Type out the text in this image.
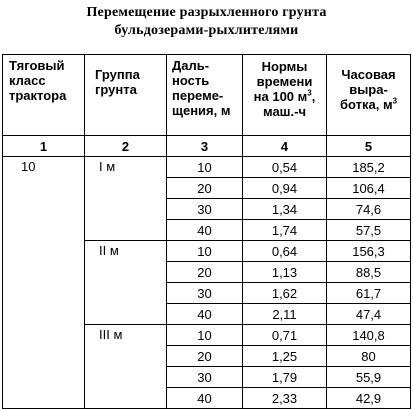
Перемещение разрыхленного грунта
бульдозерами-рыхлителями
Тяговый
класс
трактора	Группа
грунта	Даль-
ность
переме-
щения, м	Нормы
времени
на 100 $м^3$,
маш.-ч	Часовая
выра-
ботка, $м^3$
1	2	3	4	5
10	I м	10	0,54	185,2
		20	0,94	106,4
		30	1,34	74,6
		40	1,74	57,5
	II м	10	0,64	156,3
		20	1,13	88,5
		30	1,62	61,7
		40	2,11	47,4
	III м	10	0,71	140,8
		20	1,25	80
		30	1,79	55,9
		40	2,33	42,9
